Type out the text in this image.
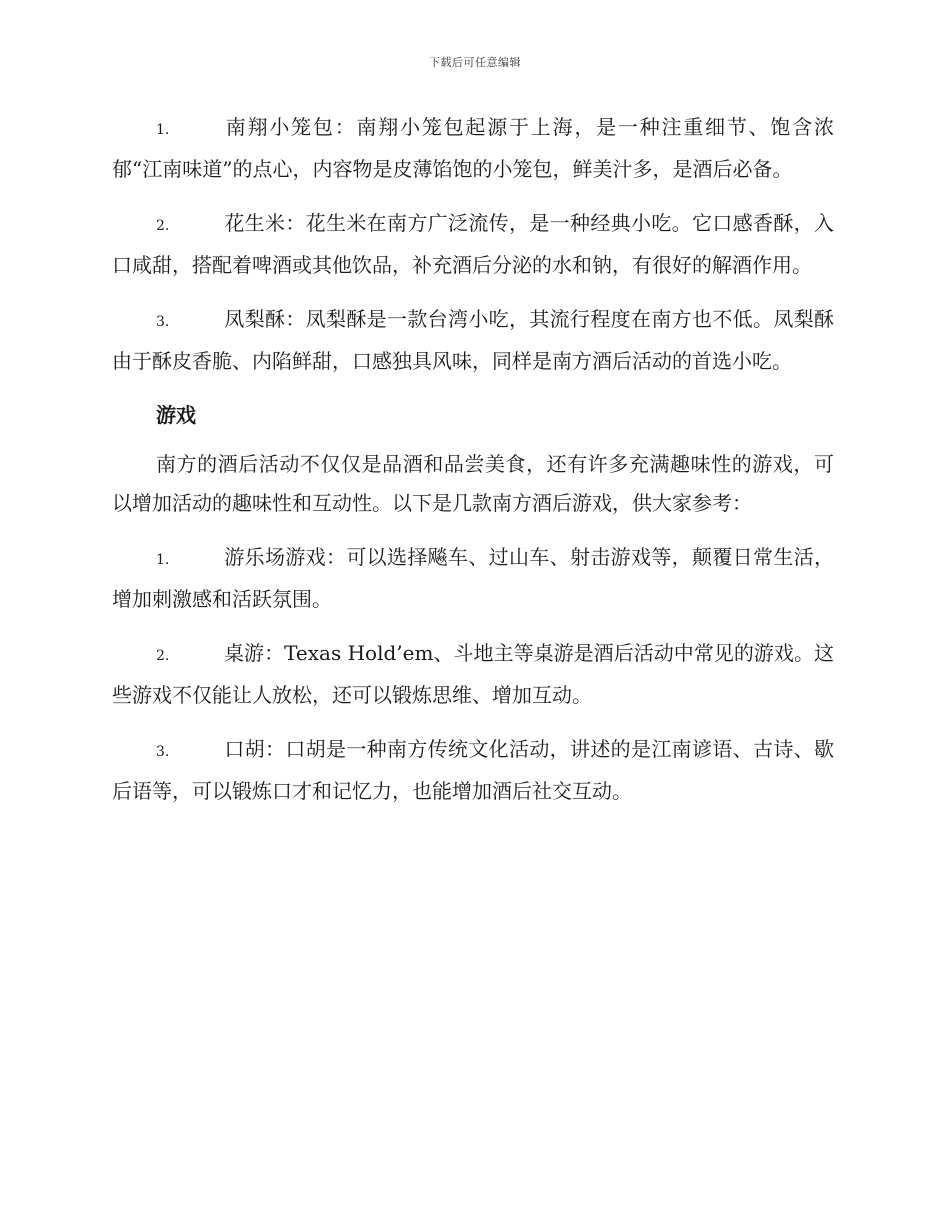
下载后可任意编辑

1.	南翔小笼包：南翔小笼包起源于上海，是一种注重细节、饱含浓郁“江南味道”的点心，内容物是皮薄馅饱的小笼包，鲜美汁多，是酒后必备。

2.	花生米：花生米在南方广泛流传，是一种经典小吃。它口感香酥，入口咸甜，搭配着啤酒或其他饮品，补充酒后分泌的水和钠，有很好的解酒作用。

3.	凤梨酥：凤梨酥是一款台湾小吃，其流行程度在南方也不低。凤梨酥由于酥皮香脆、内陷鲜甜，口感独具风味，同样是南方酒后活动的首选小吃。

游戏

南方的酒后活动不仅仅是品酒和品尝美食，还有许多充满趣味性的游戏，可以增加活动的趣味性和互动性。以下是几款南方酒后游戏，供大家参考：

1.	游乐场游戏：可以选择飚车、过山车、射击游戏等，颠覆日常生活，增加刺激感和活跃氛围。

2.	桌游：Texas Hold’em、斗地主等桌游是酒后活动中常见的游戏。这些游戏不仅能让人放松，还可以锻炼思维、增加互动。

3.	口胡：口胡是一种南方传统文化活动，讲述的是江南谚语、古诗、歇后语等，可以锻炼口才和记忆力，也能增加酒后社交互动。
